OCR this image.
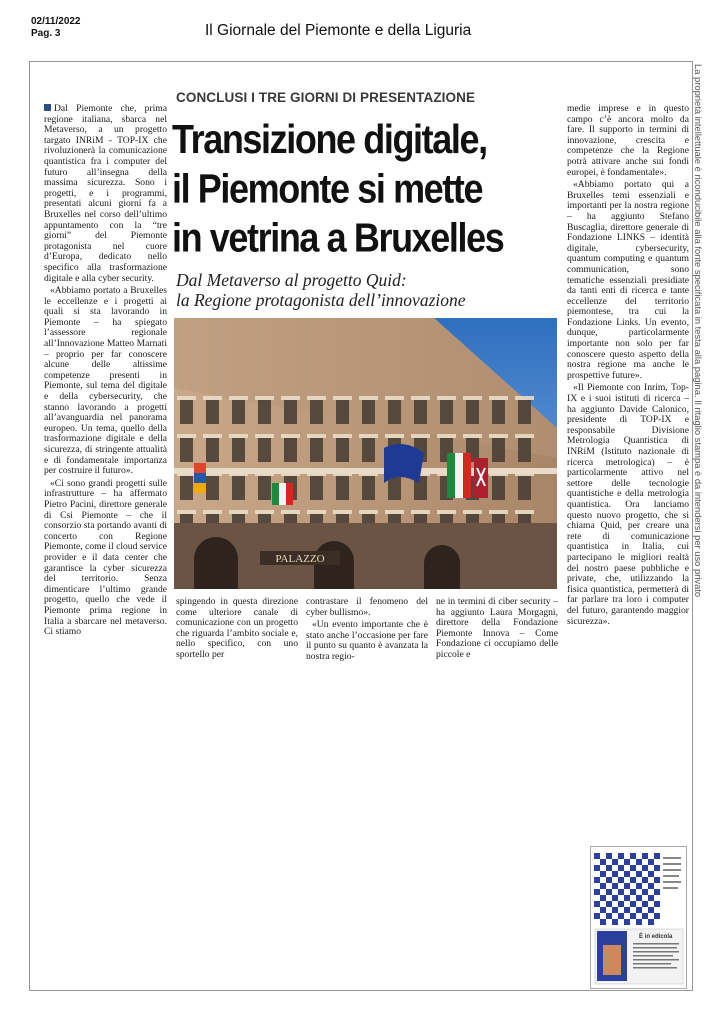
02/11/2022
Pag. 3	Il Giornale del Piemonte e della Liguria
La proprietà intellettuale è riconducibile alla fonte specificata in testa alla pagina. Il ritaglio stampa è da intendersi per uso privato

Dal Piemonte che, prima regione italiana, sbarca nel Metaverso, a un progetto targato INRiM - TOP-IX che rivoluzionerà la comunicazione quantistica fra i computer del futuro all’insegna della massima sicurezza. Sono i progetti, e i programmi, presentati alcuni giorni fa a Bruxelles nel corso dell’ultimo appuntamento con la “tre giorni” del Piemonte protagonista nel cuore d’Europa, dedicato nello specifico alla trasformazione digitale e alla cyber security.

«Abbiamo portato a Bruxelles le eccellenze e i progetti ai quali si sta lavorando in Piemonte – ha spiegato l’assessore regionale all’Innovazione Matteo Marnati – proprio per far conoscere alcune delle altissime competenze presenti in Piemonte, sul tema del digitale e della cybersecurity, che stanno lavorando a progetti all’avanguardia nel panorama europeo. Un tema, quello della trasformazione digitale e della sicurezza, di stringente attualità e di fondamentale importanza per costruire il futuro».

«Ci sono grandi progetti sulle infrastrutture – ha affermato Pietro Pacini, direttore generale di Csi Piemonte – che il consorzio sta portando avanti di concerto con Regione Piemonte, come il cloud service provider e il data center che garantisce la cyber sicurezza del territorio. Senza dimenticare l’ultimo grande progetto, quello che vede il Piemonte prima regione in Italia a sbarcare nel metaverso. Ci stiamo

CONCLUSI I TRE GIORNI DI PRESENTAZIONE
Transizione digitale,
il Piemonte si mette
in vetrina a Bruxelles
Dal Metaverso al progetto Quid:
la Regione protagonista dell’innovazione
PALAZZO

spingendo in questa direzione come ulteriore canale di comunicazione con un progetto che riguarda l’ambito sociale e, nello specifico, con uno sportello per

contrastare il fenomeno del cyber bullismo».

«Un evento importante che è stato anche l’occasione per fare il punto su quanto è avanzata la nostra regio-

ne in termini di ciber security – ha aggiunto Laura Morgagni, direttore della Fondazione Piemonte Innova – Come Fondazione ci occupiamo delle piccole e

medie imprese e in questo campo c’è ancora molto da fare. Il supporto in termini di innovazione, crescita e competenze che la Regione potrà attivare anche sui fondi europei, è fondamentale».

«Abbiamo portato qui a Bruxelles temi essenziali e importanti per la nostra regione – ha aggiunto Stefano Buscaglia, direttore generale di Fondazione LINKS – identità digitale, cybersecurity, quantum computing e quantum communication, sono tematiche essenziali presidiate da tanti enti di ricerca e tante eccellenze del territorio piemontese, tra cui la Fondazione Links. Un evento, dunque, particolarmente importante non solo per far conoscere questo aspetto della nostra regione ma anche le prospettive future».

«Il Piemonte con Inrim, Top-IX e i suoi istituti di ricerca – ha aggiunto Davide Calonico, presidente di TOP-IX e responsabile Divisione Metrologia Quantistica di INRiM (Istituto nazionale di ricerca metrologica) – è particolarmente attivo nel settore delle tecnologie quantistiche e della metrologia quantistica. Ora lanciamo questo nuovo progetto, che si chiama Quid, per creare una rete di comunicazione quantistica in Italia, cui partecipano le migliori realtà del nostro paese pubbliche e private, che, utilizzando la fisica quantistica, permetterà di far parlare tra loro i computer del futuro, garantendo maggior sicurezza».

È in edicola
